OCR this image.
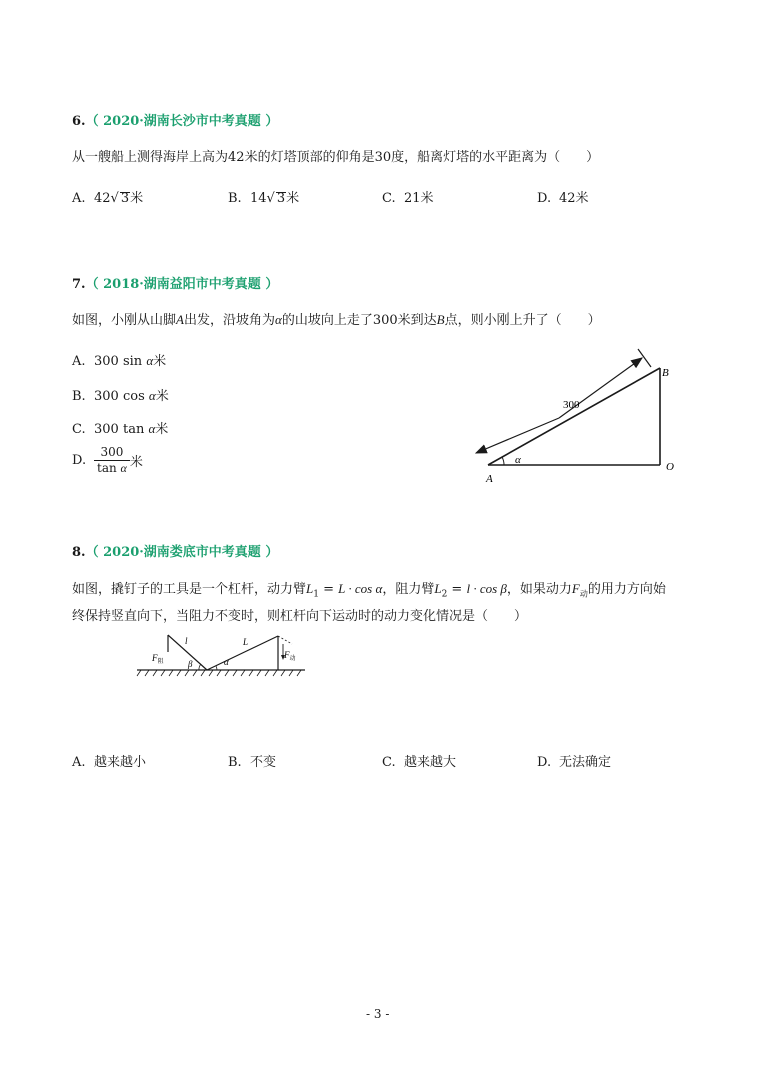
6.（ 2020·湖南长沙市中考真题 ）
从一艘船上测得海岸上高为42米的灯塔顶部的仰角是30度，船离灯塔的水平距离为（　　）
A. 42√ 3米	B. 14√ 3米	C. 21米	D. 42米
7.（ 2018·湖南益阳市中考真题 ）
如图，小刚从山脚A出发，沿坡角为α的山坡向上走了300米到达B点，则小刚上升了（　　）
A. 300 sin α米
B. 300 cos α米
C. 300 tan α米
D. $\frac{300}{\text{tan α}}$ 米
300
α
A
B
O
8.（ 2020·湖南娄底市中考真题 ）
如图，撬钉子的工具是一个杠杆，动力臂$L_1 = L \cdot \cos \alpha$，阻力臂$L_2 = l \cdot \cos \beta$，如果动力$F_动$的用力方向始
终保持竖直向下，当阻力不变时，则杠杆向下运动时的动力变化情况是（　　）
$F_阻$
l	L
β	α
$F_动$
A. 越来越小	B. 不变	C. 越来越大	D. 无法确定
- 3 -
